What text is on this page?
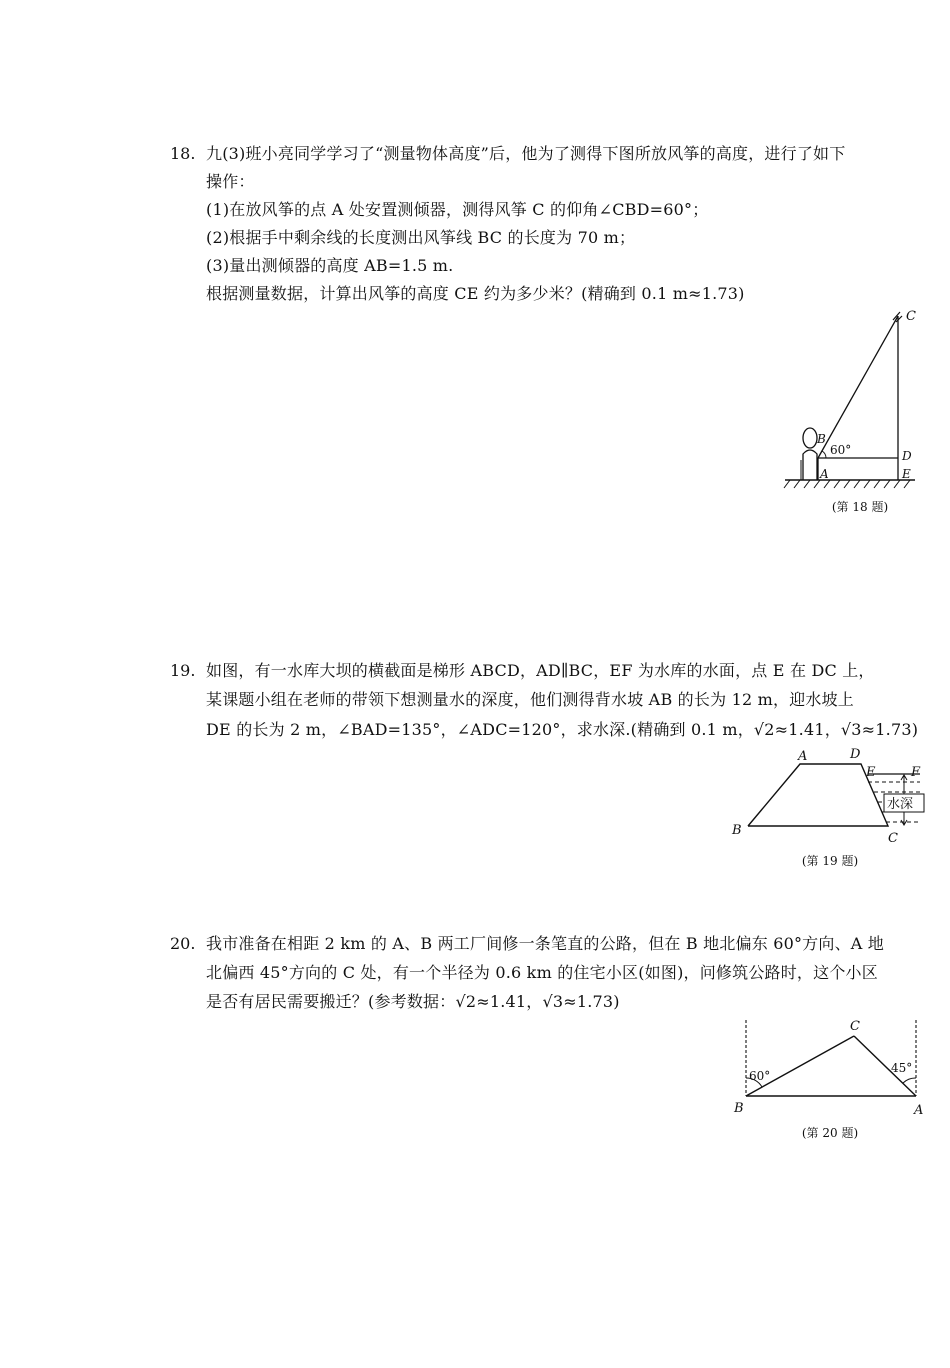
18. 九(3)班小亮同学学习了“测量物体高度”后，他为了测得下图所放风筝的高度，进行了如下
操作：
(1)在放风筝的点 A 处安置测倾器，测得风筝 C 的仰角∠CBD=60°；
(2)根据手中剩余线的长度测出风筝线 BC 的长度为 70 m；
(3)量出测倾器的高度 AB=1.5 m.
根据测量数据，计算出风筝的高度 CE 约为多少米？(精确到 0.1 m≈1.73)
C
B
60°	D
A	E
(第 18 题)
19. 如图，有一水库大坝的横截面是梯形 ABCD，AD∥BC，EF 为水库的水面，点 E 在 DC 上，
某课题小组在老师的带领下想测量水的深度，他们测得背水坡 AB 的长为 12 m，迎水坡上
DE 的长为 2 m，∠BAD=135°，∠ADC=120°，求水深.(精确到 0.1 m，√2≈1.41，√3≈1.73)
水深
A	D
E	F
B
C
(第 19 题)
20. 我市准备在相距 2 km 的 A、B 两工厂间修一条笔直的公路，但在 B 地北偏东 60°方向、A 地
北偏西 45°方向的 C 处，有一个半径为 0.6 km 的住宅小区(如图)，问修筑公路时，这个小区
是否有居民需要搬迁？(参考数据：√2≈1.41，√3≈1.73)
60°
45°
C
B	A
(第 20 题)
